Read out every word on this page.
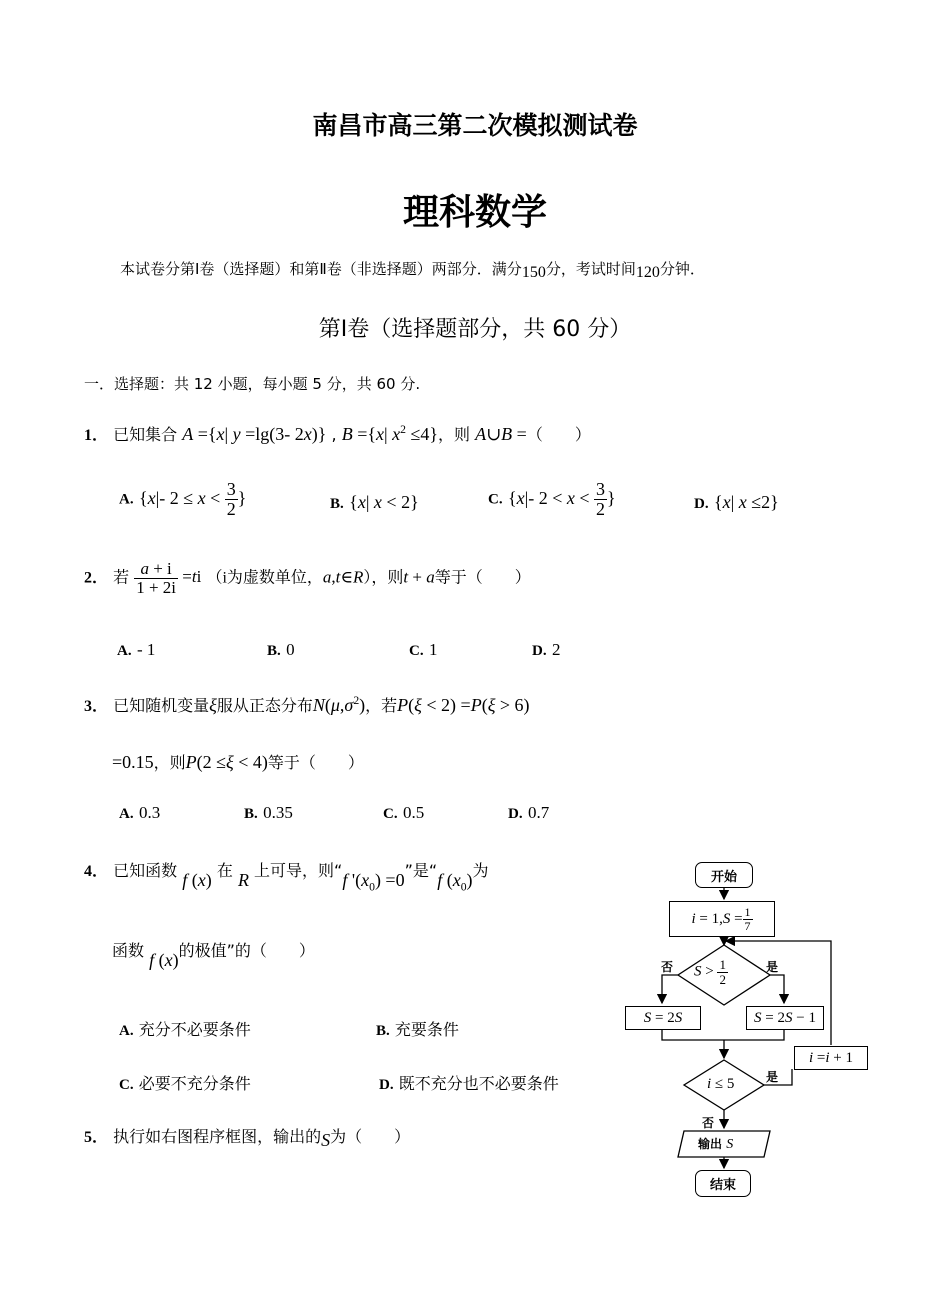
南昌市高三第二次模拟测试卷
理科数学
本试卷分第Ⅰ卷（选择题）和第Ⅱ卷（非选择题）两部分．满分150分，考试时间120分钟．
第Ⅰ卷（选择题部分，共 60 分）
一．选择题：共 12 小题，每小题 5 分，共 60 分.
1． 已知集合 A ={x| y =lg(3- 2x)} , B ={x| $x^2 \le 4$}，则 A∪B =（　　）
A. {x|- $2 \le x < \frac{3}{2}$ }	B. {x| x < 2}	C. {x|- $2 < x < \frac{3}{2}$ }	D. {x| x ≤2}
2． 若 $\frac{a + i}{1 + 2i} =ti$ （i为虚数单位，a,t∈R），则t + a等于（　　）
A. - 1	B. 0	C. 1	D. 2
3． 已知随机变量ξ服从正态分布$N(\mu,\sigma^2)$，若P(ξ < 2) =P(ξ > 6)
=0.15，则P(2 ≤ξ < 4)等于（　　）
A. 0.3	B. 0.35	C. 0.5	D. 0.7
4． 已知函数 f (x) 在 R 上可导，则“f '$(x_0) =0$”是“f $(x_0)$为
函数 f (x)的极值”的（　　）
A. 充分不必要条件	B. 充要条件
C. 必要不充分条件	D. 既不充分也不必要条件
5． 执行如右图程序框图，输出的S为（　　）
开始
i = 1, $S = \frac{1}{7}$
$S > \frac{1}{2}$
否	是
S = 2 S	S = 2 S − 1
i = i + 1
i ≤ 5	是
否
输出 S
结束
